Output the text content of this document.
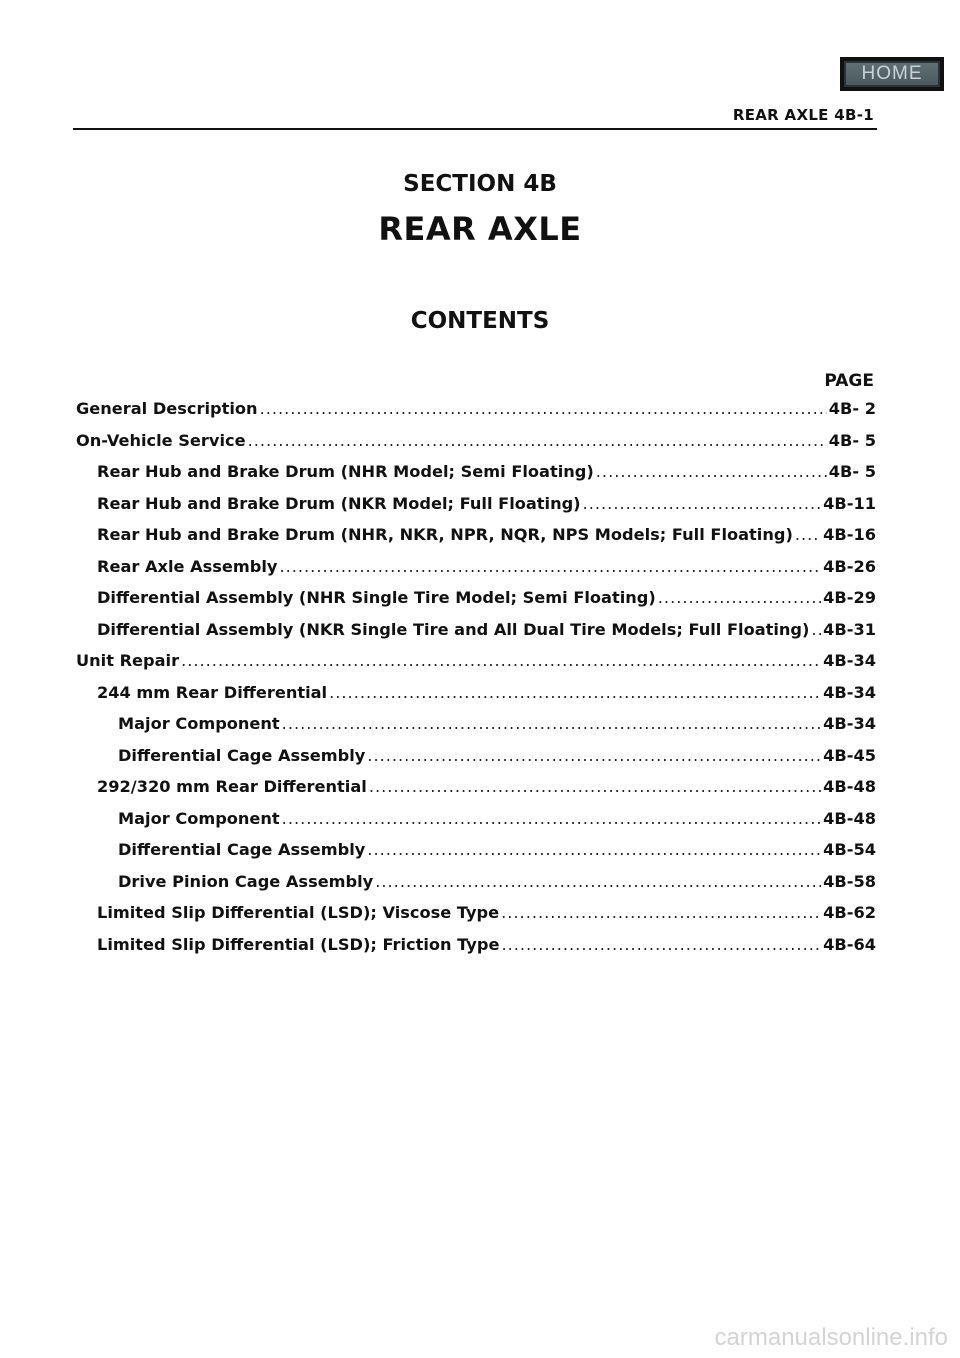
HOME
REAR AXLE 4B-1
SECTION 4B
REAR AXLE
CONTENTS
PAGE
General Description .....	4B- 2
On-Vehicle Service .....	4B- 5
Rear Hub and Brake Drum (NHR Model; Semi Floating) .....	4B- 5
Rear Hub and Brake Drum (NKR Model; Full Floating) .....	4B-11
Rear Hub and Brake Drum (NHR, NKR, NPR, NQR, NPS Models; Full Floating) ..... 4B-16
Rear Axle Assembly .....	4B-26
Differential Assembly (NHR Single Tire Model; Semi Floating) .....	4B-29
Differential Assembly (NKR Single Tire and All Dual Tire Models; Full Floating) ..... 4B-31
Unit Repair .....	4B-34
244 mm Rear Differential .....	4B-34
Major Component .....	4B-34
Differential Cage Assembly .....	4B-45
292/320 mm Rear Differential .....	4B-48
Major Component .....	4B-48
Differential Cage Assembly .....	4B-54
Drive Pinion Cage Assembly .....	4B-58
Limited Slip Differential (LSD); Viscose Type .....	4B-62
Limited Slip Differential (LSD); Friction Type .....	4B-64
carmanualsonline.info
